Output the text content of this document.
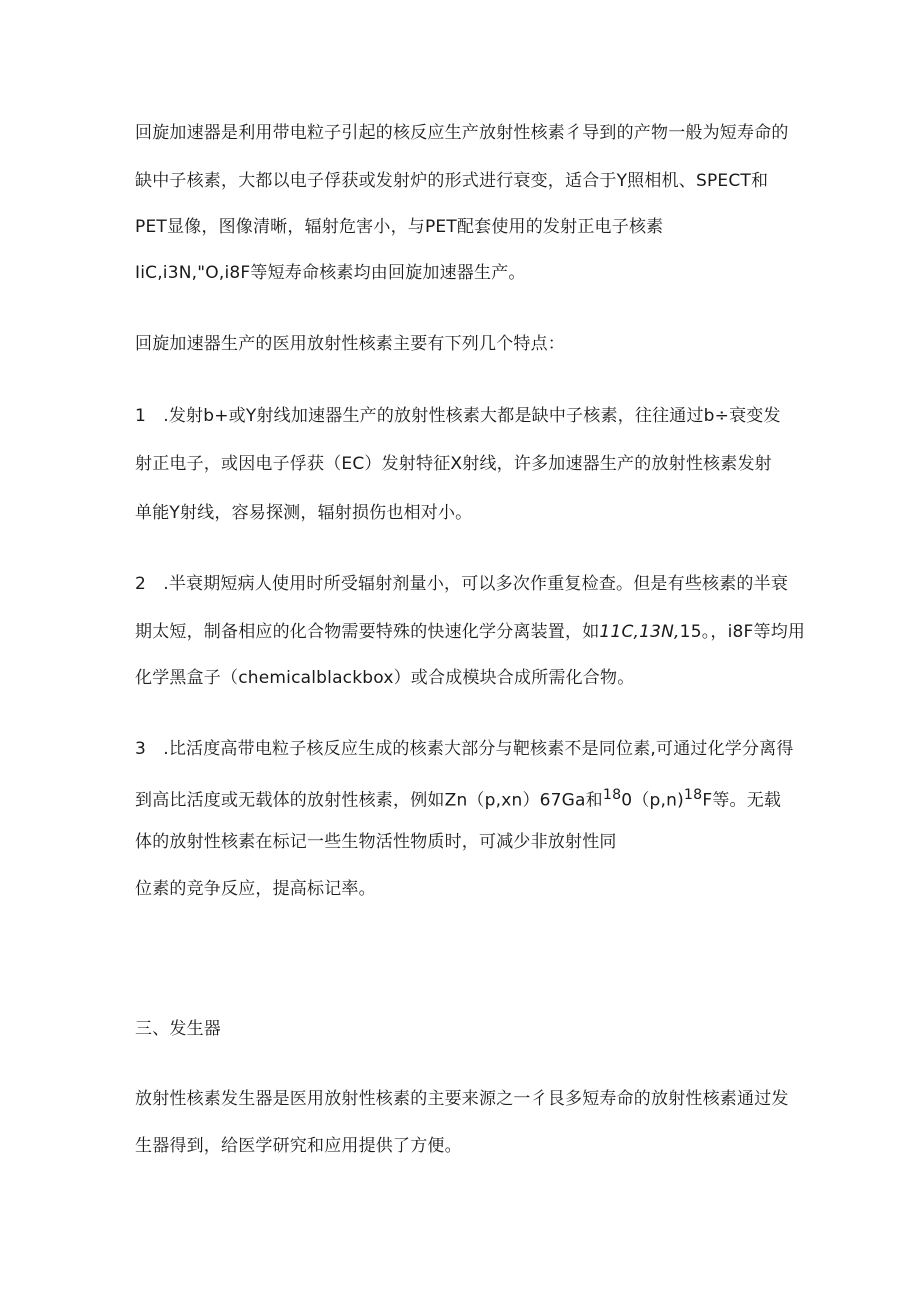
回旋加速器是利用带电粒子引起的核反应生产放射性核素彳导到的产物一般为短寿命的
缺中子核素，大都以电子俘获或发射炉的形式进行衰变，适合于Y照相机、SPECT和
PET显像，图像清晰，辐射危害小，与PET配套使用的发射正电子核素
IiC,i3N,"O,i8F等短寿命核素均由回旋加速器生产。
回旋加速器生产的医用放射性核素主要有下列几个特点：
1　.发射b+或Y射线加速器生产的放射性核素大都是缺中子核素，往往通过b÷衰变发
射正电子，或因电子俘获（EC）发射特征X射线，许多加速器生产的放射性核素发射
单能Y射线，容易探测，辐射损伤也相对小。
2　.半衰期短病人使用时所受辐射剂量小，可以多次作重复检查。但是有些核素的半衰
期太短，制备相应的化合物需要特殊的快速化学分离装置，如11C,13N,15。，i8F等均用
化学黑盒子（chemicalblackbox）或合成模块合成所需化合物。
3　.比活度高带电粒子核反应生成的核素大部分与靶核素不是同位素,可通过化学分离得
到高比活度或无载体的放射性核素，例如Zn（p,xn）67Ga和$^{18}$0（p,n)$^{18}$F等。无载
体的放射性核素在标记一些生物活性物质时，可减少非放射性同
位素的竞争反应，提高标记率。
三、发生器
放射性核素发生器是医用放射性核素的主要来源之一彳艮多短寿命的放射性核素通过发
生器得到，给医学研究和应用提供了方便。
